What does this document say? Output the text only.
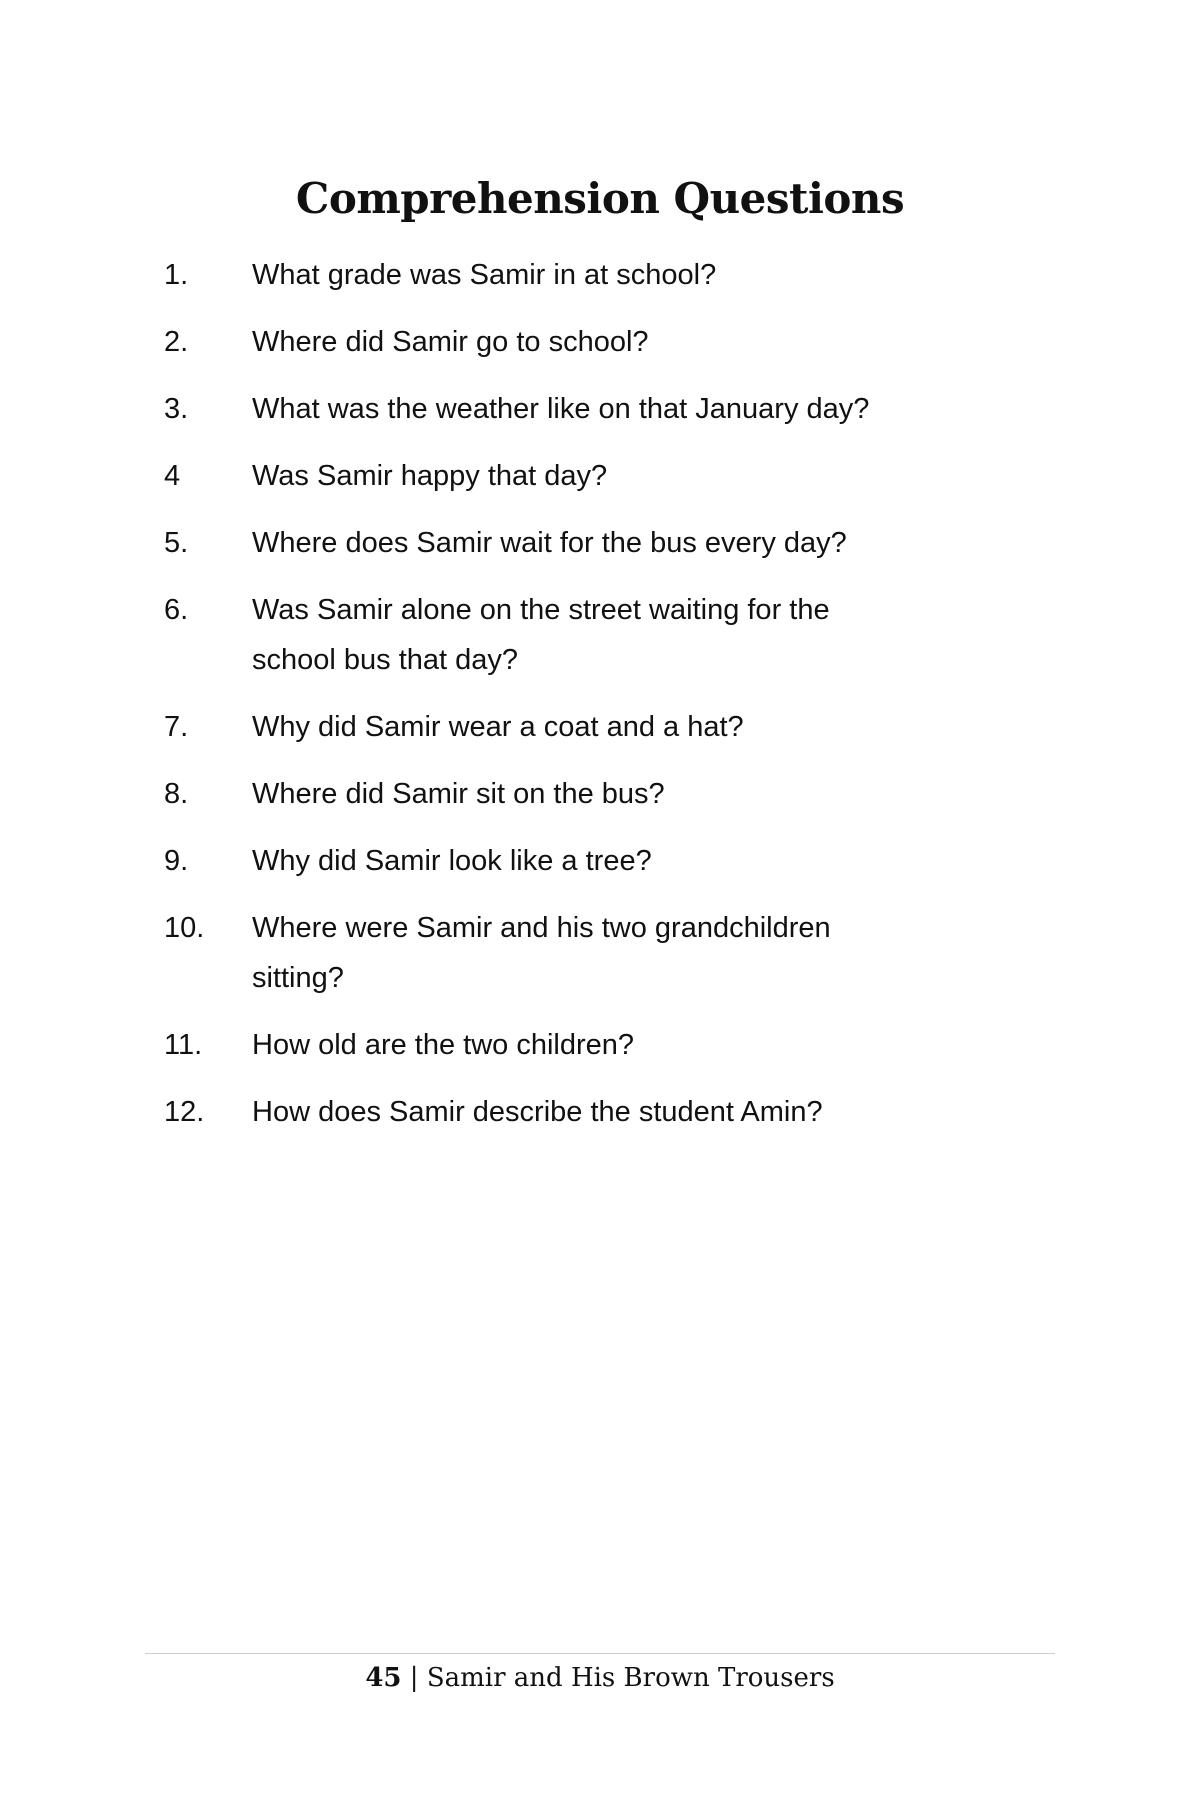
Comprehension Questions
1.	What grade was Samir in at school?
2.	Where did Samir go to school?
3.	What was the weather like on that January day?
4	Was Samir happy that day?
5.	Where does Samir wait for the bus every day?
6.	Was Samir alone on the street waiting for the school bus that day?
7.	Why did Samir wear a coat and a hat?
8.	Where did Samir sit on the bus?
9.	Why did Samir look like a tree?
10.	Where were Samir and his two grandchildren sitting?
11.	How old are the two children?
12.	How does Samir describe the student Amin?
45 | Samir and His Brown Trousers
